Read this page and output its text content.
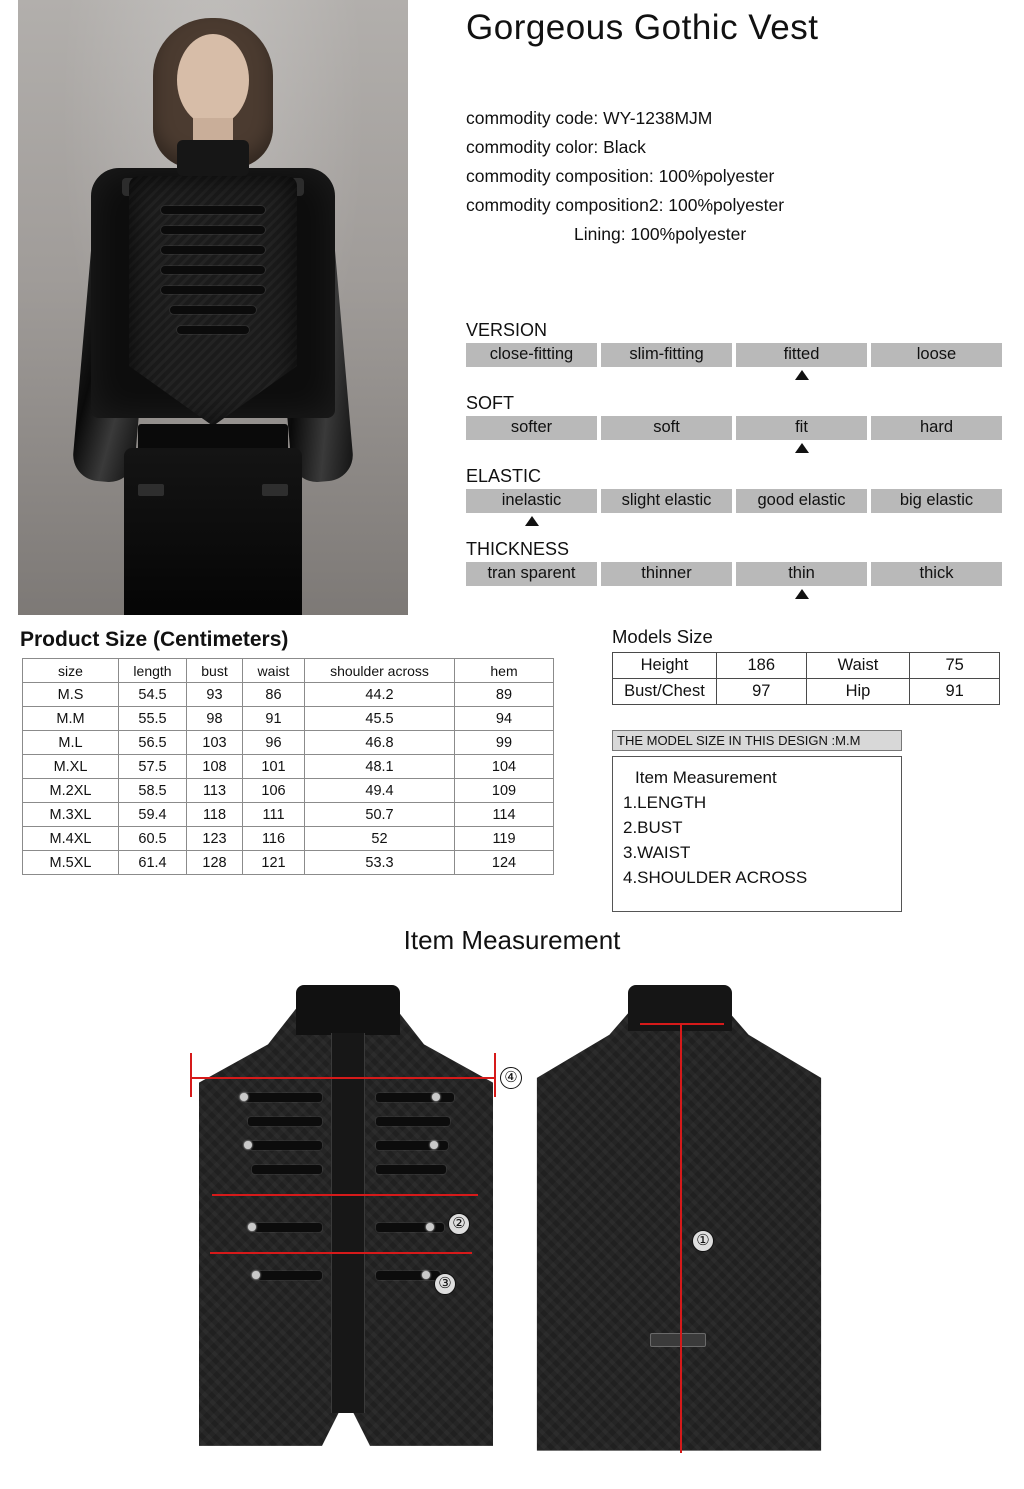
Gorgeous Gothic Vest
commodity code: WY-1238MJM
commodity color: Black
commodity composition: 100%polyester
commodity composition2: 100%polyester
Lining: 100%polyester
VERSION
close-fitting	slim-fitting	fitted	loose
SOFT
softer	soft	fit	hard
ELASTIC
inelastic	slight elastic	good elastic	big elastic
THICKNESS
tran sparent	thinner	thin	thick
Product Size (Centimeters)
size	length	bust	waist	shoulder across	hem
M.S	54.5	93	86	44.2	89
M.M	55.5	98	91	45.5	94
M.L	56.5	103	96	46.8	99
M.XL	57.5	108	101	48.1	104
M.2XL	58.5	113	106	49.4	109
M.3XL	59.4	118	111	50.7	114
M.4XL	60.5	123	116	52	119
M.5XL	61.4	128	121	53.3	124
Models Size
Height	186	Waist	75
Bust/Chest	97	Hip	91
THE MODEL SIZE IN THIS DESIGN :M.M
Item Measurement
1.LENGTH
2.BUST
3.WAIST
4.SHOULDER ACROSS
Item Measurement
④
②
③
①
